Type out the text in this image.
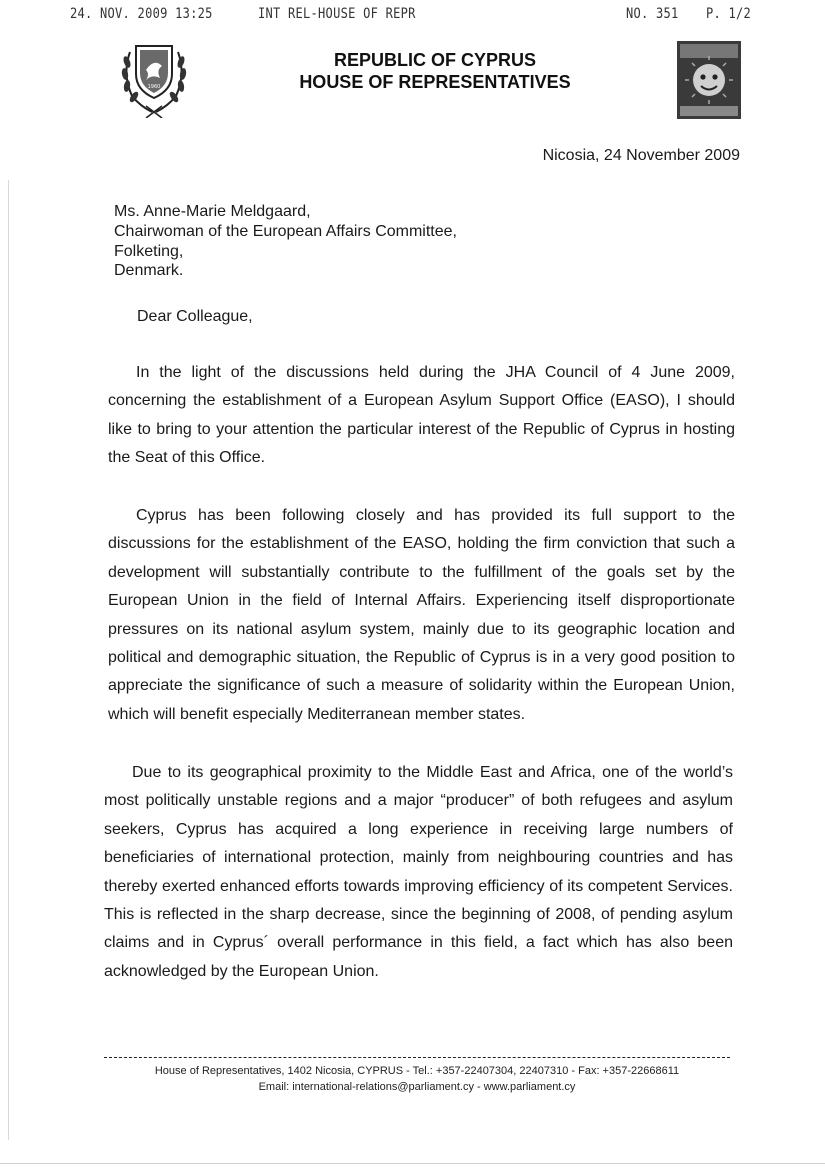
24. NOV. 2009 13:25	INT REL-HOUSE OF REPR	NO. 351 P. 1/2
1960
REPUBLIC OF CYPRUS
HOUSE OF REPRESENTATIVES
Nicosia, 24 November 2009
Ms. Anne-Marie Meldgaard,
Chairwoman of the European Affairs Committee,
Folketing,
Denmark.
Dear Colleague,

In the light of the discussions held during the JHA Council of 4 June 2009, concerning the establishment of a European Asylum Support Office (EASO), I should like to bring to your attention the particular interest of the Republic of Cyprus in hosting the Seat of this Office.

Cyprus has been following closely and has provided its full support to the discussions for the establishment of the EASO, holding the firm conviction that such a development will substantially contribute to the fulfillment of the goals set by the European Union in the field of Internal Affairs. Experiencing itself disproportionate pressures on its national asylum system, mainly due to its geographic location and political and demographic situation, the Republic of Cyprus is in a very good position to appreciate the significance of such a measure of solidarity within the European Union, which will benefit especially Mediterranean member states.

Due to its geographical proximity to the Middle East and Africa, one of the world’s most politically unstable regions and a major “producer” of both refugees and asylum seekers, Cyprus has acquired a long experience in receiving large numbers of beneficiaries of international protection, mainly from neighbouring countries and has thereby exerted enhanced efforts towards improving efficiency of its competent Services. This is reflected in the sharp decrease, since the beginning of 2008, of pending asylum claims and in Cyprus´ overall performance in this field, a fact which has also been acknowledged by the European Union.

House of Representatives, 1402 Nicosia, CYPRUS - Tel.: +357-22407304, 22407310 - Fax: +357-22668611
Email: international-relations@parliament.cy - www.parliament.cy
